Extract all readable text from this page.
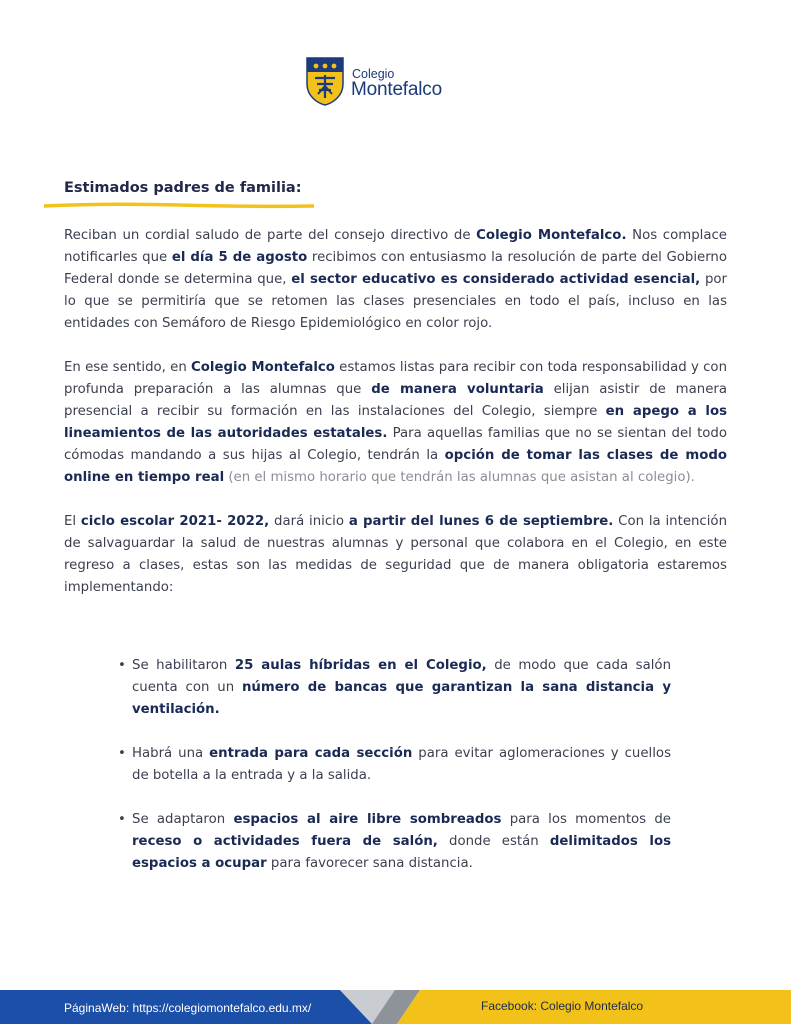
Colegio
Montefalco
Estimados padres de familia:
Reciban un cordial saludo de parte del consejo directivo de Colegio Montefalco. Nos complace notificarles que el día 5 de agosto recibimos con entusiasmo la resolución de parte del Gobierno Federal donde se determina que, el sector educativo es considerado actividad esencial, por lo que se permitiría que se retomen las clases presenciales en todo el país, incluso en las entidades con Semáforo de Riesgo Epidemiológico en color rojo.
En ese sentido, en Colegio Montefalco estamos listas para recibir con toda responsabilidad y con profunda preparación a las alumnas que de manera voluntaria elijan asistir de manera presencial a recibir su formación en las instalaciones del Colegio, siempre en apego a los lineamientos de las autoridades estatales. Para aquellas familias que no se sientan del todo cómodas mandando a sus hijas al Colegio, tendrán la opción de tomar las clases de modo online en tiempo real (en el mismo horario que tendrán las alumnas que asistan al colegio).
El ciclo escolar 2021- 2022, dará inicio a partir del lunes 6 de septiembre. Con la intención de salvaguardar la salud de nuestras alumnas y personal que colabora en el Colegio, en este regreso a clases, estas son las medidas de seguridad que de manera obligatoria estaremos implementando:
• Se habilitaron 25 aulas híbridas en el Colegio, de modo que cada salón cuenta con un número de bancas que garantizan la sana distancia y ventilación.
• Habrá una entrada para cada sección para evitar aglomeraciones y cuellos de botella a la entrada y a la salida.
• Se adaptaron espacios al aire libre sombreados para los momentos de receso o actividades fuera de salón, donde están delimitados los espacios a ocupar para favorecer sana distancia.
PáginaWeb: https://colegiomontefalco.edu.mx/	Facebook: Colegio Montefalco
